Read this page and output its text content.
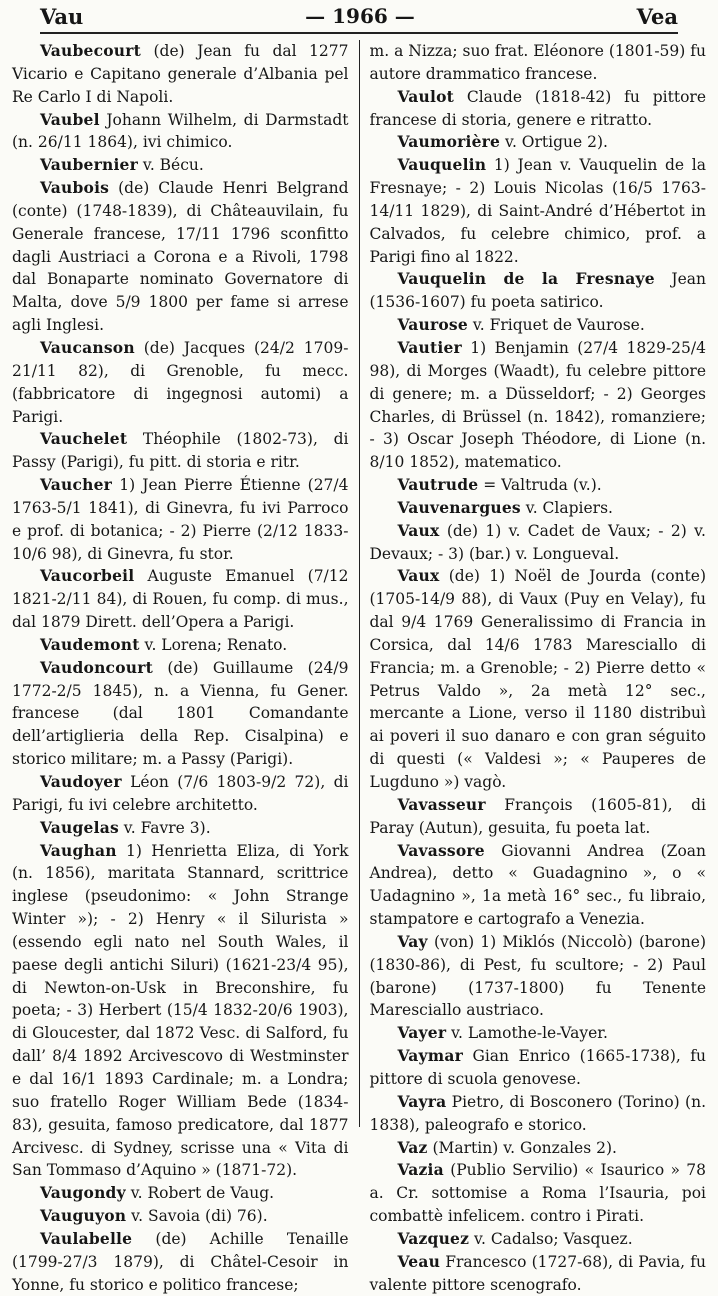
Vau	— 1966 —	Vea

Vaubecourt (de) Jean fu dal 1277 Vicario e Capitano generale d’Albania pel Re Carlo I di Napoli.

Vaubel Johann Wilhelm, di Darmstadt (n. 26/11 1864), ivi chimico.

Vaubernier v. Bécu.

Vaubois (de) Claude Henri Belgrand (conte) (1748-1839), di Châteauvilain, fu Generale francese, 17/11 1796 sconfitto dagli Austriaci a Corona e a Rivoli, 1798 dal Bonaparte nominato Governatore di Malta, dove 5/9 1800 per fame si arrese agli Inglesi.

Vaucanson (de) Jacques (24/2 1709-21/11 82), di Grenoble, fu mecc. (fabbricatore di ingegnosi automi) a Parigi.

Vauchelet Théophile (1802-73), di Passy (Parigi), fu pitt. di storia e ritr.

Vaucher 1) Jean Pierre Étienne (27/4 1763-5/1 1841), di Ginevra, fu ivi Parroco e prof. di botanica; - 2) Pierre (2/12 1833-10/6 98), di Ginevra, fu stor.

Vaucorbeil Auguste Emanuel (7/12 1821-2/11 84), di Rouen, fu comp. di mus., dal 1879 Dirett. dell’Opera a Parigi.

Vaudemont v. Lorena; Renato.

Vaudoncourt (de) Guillaume (24/9 1772-2/5 1845), n. a Vienna, fu Gener. francese (dal 1801 Comandante dell’artiglieria della Rep. Cisalpina) e storico militare; m. a Passy (Parigi).

Vaudoyer Léon (7/6 1803-9/2 72), di Parigi, fu ivi celebre architetto.

Vaugelas v. Favre 3).

Vaughan 1) Henrietta Eliza, di York (n. 1856), maritata Stannard, scrittrice inglese (pseudonimo: « John Strange Winter »); - 2) Henry « il Silurista » (essendo egli nato nel South Wales, il paese degli antichi Siluri) (1621-23/4 95), di Newton-on-Usk in Breconshire, fu poeta; - 3) Herbert (15/4 1832-20/6 1903), di Gloucester, dal 1872 Vesc. di Salford, fu dall’ 8/4 1892 Arcivescovo di Westminster e dal 16/1 1893 Cardinale; m. a Londra; suo fratello Roger William Bede (1834-83), gesuita, famoso predicatore, dal 1877 Arcivesc. di Sydney, scrisse una « Vita di San Tommaso d’Aquino » (1871-72).

Vaugondy v. Robert de Vaug.

Vauguyon v. Savoia (di) 76).

Vaulabelle (de) Achille Tenaille (1799-27/3 1879), di Châtel-Cesoir in Yonne, fu storico e politico francese;

m. a Nizza; suo frat. Eléonore (1801-59) fu autore drammatico francese.

Vaulot Claude (1818-42) fu pittore francese di storia, genere e ritratto.

Vaumorière v. Ortigue 2).

Vauquelin 1) Jean v. Vauquelin de la Fresnaye; - 2) Louis Nicolas (16/5 1763-14/11 1829), di Saint-André d’Hébertot in Calvados, fu celebre chimico, prof. a Parigi fino al 1822.

Vauquelin de la Fresnaye Jean (1536-1607) fu poeta satirico.

Vaurose v. Friquet de Vaurose.

Vautier 1) Benjamin (27/4 1829-25/4 98), di Morges (Waadt), fu celebre pittore di genere; m. a Düsseldorf; - 2) Georges Charles, di Brüssel (n. 1842), romanziere; - 3) Oscar Joseph Théodore, di Lione (n. 8/10 1852), matematico.

Vautrude = Valtruda (v.).

Vauvenargues v. Clapiers.

Vaux (de) 1) v. Cadet de Vaux; - 2) v. Devaux; - 3) (bar.) v. Longueval.

Vaux (de) 1) Noël de Jourda (conte) (1705-14/9 88), di Vaux (Puy en Velay), fu dal 9/4 1769 Generalissimo di Francia in Corsica, dal 14/6 1783 Maresciallo di Francia; m. a Grenoble; - 2) Pierre detto « Petrus Valdo », 2a metà 12° sec., mercante a Lione, verso il 1180 distribuì ai poveri il suo danaro e con gran séguito di questi (« Valdesi »; « Pauperes de Lugduno ») vagò.

Vavasseur François (1605-81), di Paray (Autun), gesuita, fu poeta lat.

Vavassore Giovanni Andrea (Zoan Andrea), detto « Guadagnino », o « Uadagnino », 1a metà 16° sec., fu libraio, stampatore e cartografo a Venezia.

Vay (von) 1) Miklós (Niccolò) (barone) (1830-86), di Pest, fu scultore; - 2) Paul (barone) (1737-1800) fu Tenente Maresciallo austriaco.

Vayer v. Lamothe-le-Vayer.

Vaymar Gian Enrico (1665-1738), fu pittore di scuola genovese.

Vayra Pietro, di Bosconero (Torino) (n. 1838), paleografo e storico.

Vaz (Martin) v. Gonzales 2).

Vazia (Publio Servilio) « Isaurico » 78 a. Cr. sottomise a Roma l’Isauria, poi combattè infelicem. contro i Pirati.

Vazquez v. Cadalso; Vasquez.

Veau Francesco (1727-68), di Pavia, fu valente pittore scenografo.
